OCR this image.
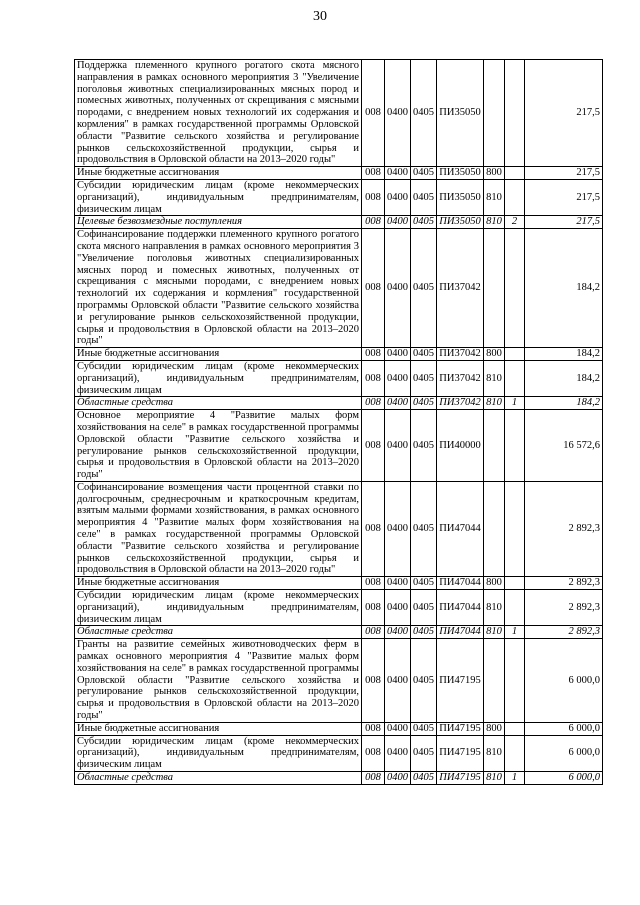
30
Поддержка племенного крупного рогатого скота мясного направления в рамках основного мероприятия 3 "Увеличение поголовья животных специализированных мясных пород и помесных животных, полученных от скрещивания с мясными породами, с внедрением новых технологий их содержания и кормления" в рамках государственной программы Орловской области "Развитие сельского хозяйства и регулирование рынков сельскохозяйственной продукции, сырья и продовольствия в Орловской области на 2013–2020 годы"	008	0400	0405	ПИ35050			217,5
Иные бюджетные ассигнования	008	0400	0405	ПИ35050	800		217,5
Субсидии юридическим лицам (кроме некоммерческих организаций), индивидуальным предпринимателям, физическим лицам	008	0400	0405	ПИ35050	810		217,5
Целевые безвозмездные поступления	008	0400	0405	ПИ35050	810	2	217,5
Софинансирование поддержки племенного крупного рогатого скота мясного направления в рамках основного мероприятия 3 "Увеличение поголовья животных специализированных мясных пород и помесных животных, полученных от скрещивания с мясными породами, с внедрением новых технологий их содержания и кормления" государственной программы Орловской области "Развитие сельского хозяйства и регулирование рынков сельскохозяйственной продукции, сырья и продовольствия в Орловской области на 2013–2020 годы"	008	0400	0405	ПИ37042			184,2
Иные бюджетные ассигнования	008	0400	0405	ПИ37042	800		184,2
Субсидии юридическим лицам (кроме некоммерческих организаций), индивидуальным предпринимателям, физическим лицам	008	0400	0405	ПИ37042	810		184,2
Областные средства	008	0400	0405	ПИ37042	810	1	184,2
Основное мероприятие 4 "Развитие малых форм хозяйствования на селе" в рамках государственной программы Орловской области "Развитие сельского хозяйства и регулирование рынков сельскохозяйственной продукции, сырья и продовольствия в Орловской области на 2013–2020 годы"	008	0400	0405	ПИ40000			16 572,6
Софинансирование возмещения части процентной ставки по долгосрочным, среднесрочным и краткосрочным кредитам, взятым малыми формами хозяйствования, в рамках основного мероприятия 4 "Развитие малых форм хозяйствования на селе" в рамках государственной программы Орловской области "Развитие сельского хозяйства и регулирование рынков сельскохозяйственной продукции, сырья и продовольствия в Орловской области на 2013–2020 годы"	008	0400	0405	ПИ47044			2 892,3
Иные бюджетные ассигнования	008	0400	0405	ПИ47044	800		2 892,3
Субсидии юридическим лицам (кроме некоммерческих организаций), индивидуальным предпринимателям, физическим лицам	008	0400	0405	ПИ47044	810		2 892,3
Областные средства	008	0400	0405	ПИ47044	810	1	2 892,3
Гранты на развитие семейных животноводческих ферм в рамках основного мероприятия 4 "Развитие малых форм хозяйствования на селе" в рамках государственной программы Орловской области "Развитие сельского хозяйства и регулирование рынков сельскохозяйственной продукции, сырья и продовольствия в Орловской области на 2013–2020 годы"	008	0400	0405	ПИ47195			6 000,0
Иные бюджетные ассигнования	008	0400	0405	ПИ47195	800		6 000,0
Субсидии юридическим лицам (кроме некоммерческих организаций), индивидуальным предпринимателям, физическим лицам	008	0400	0405	ПИ47195	810		6 000,0
Областные средства	008	0400	0405	ПИ47195	810	1	6 000,0
